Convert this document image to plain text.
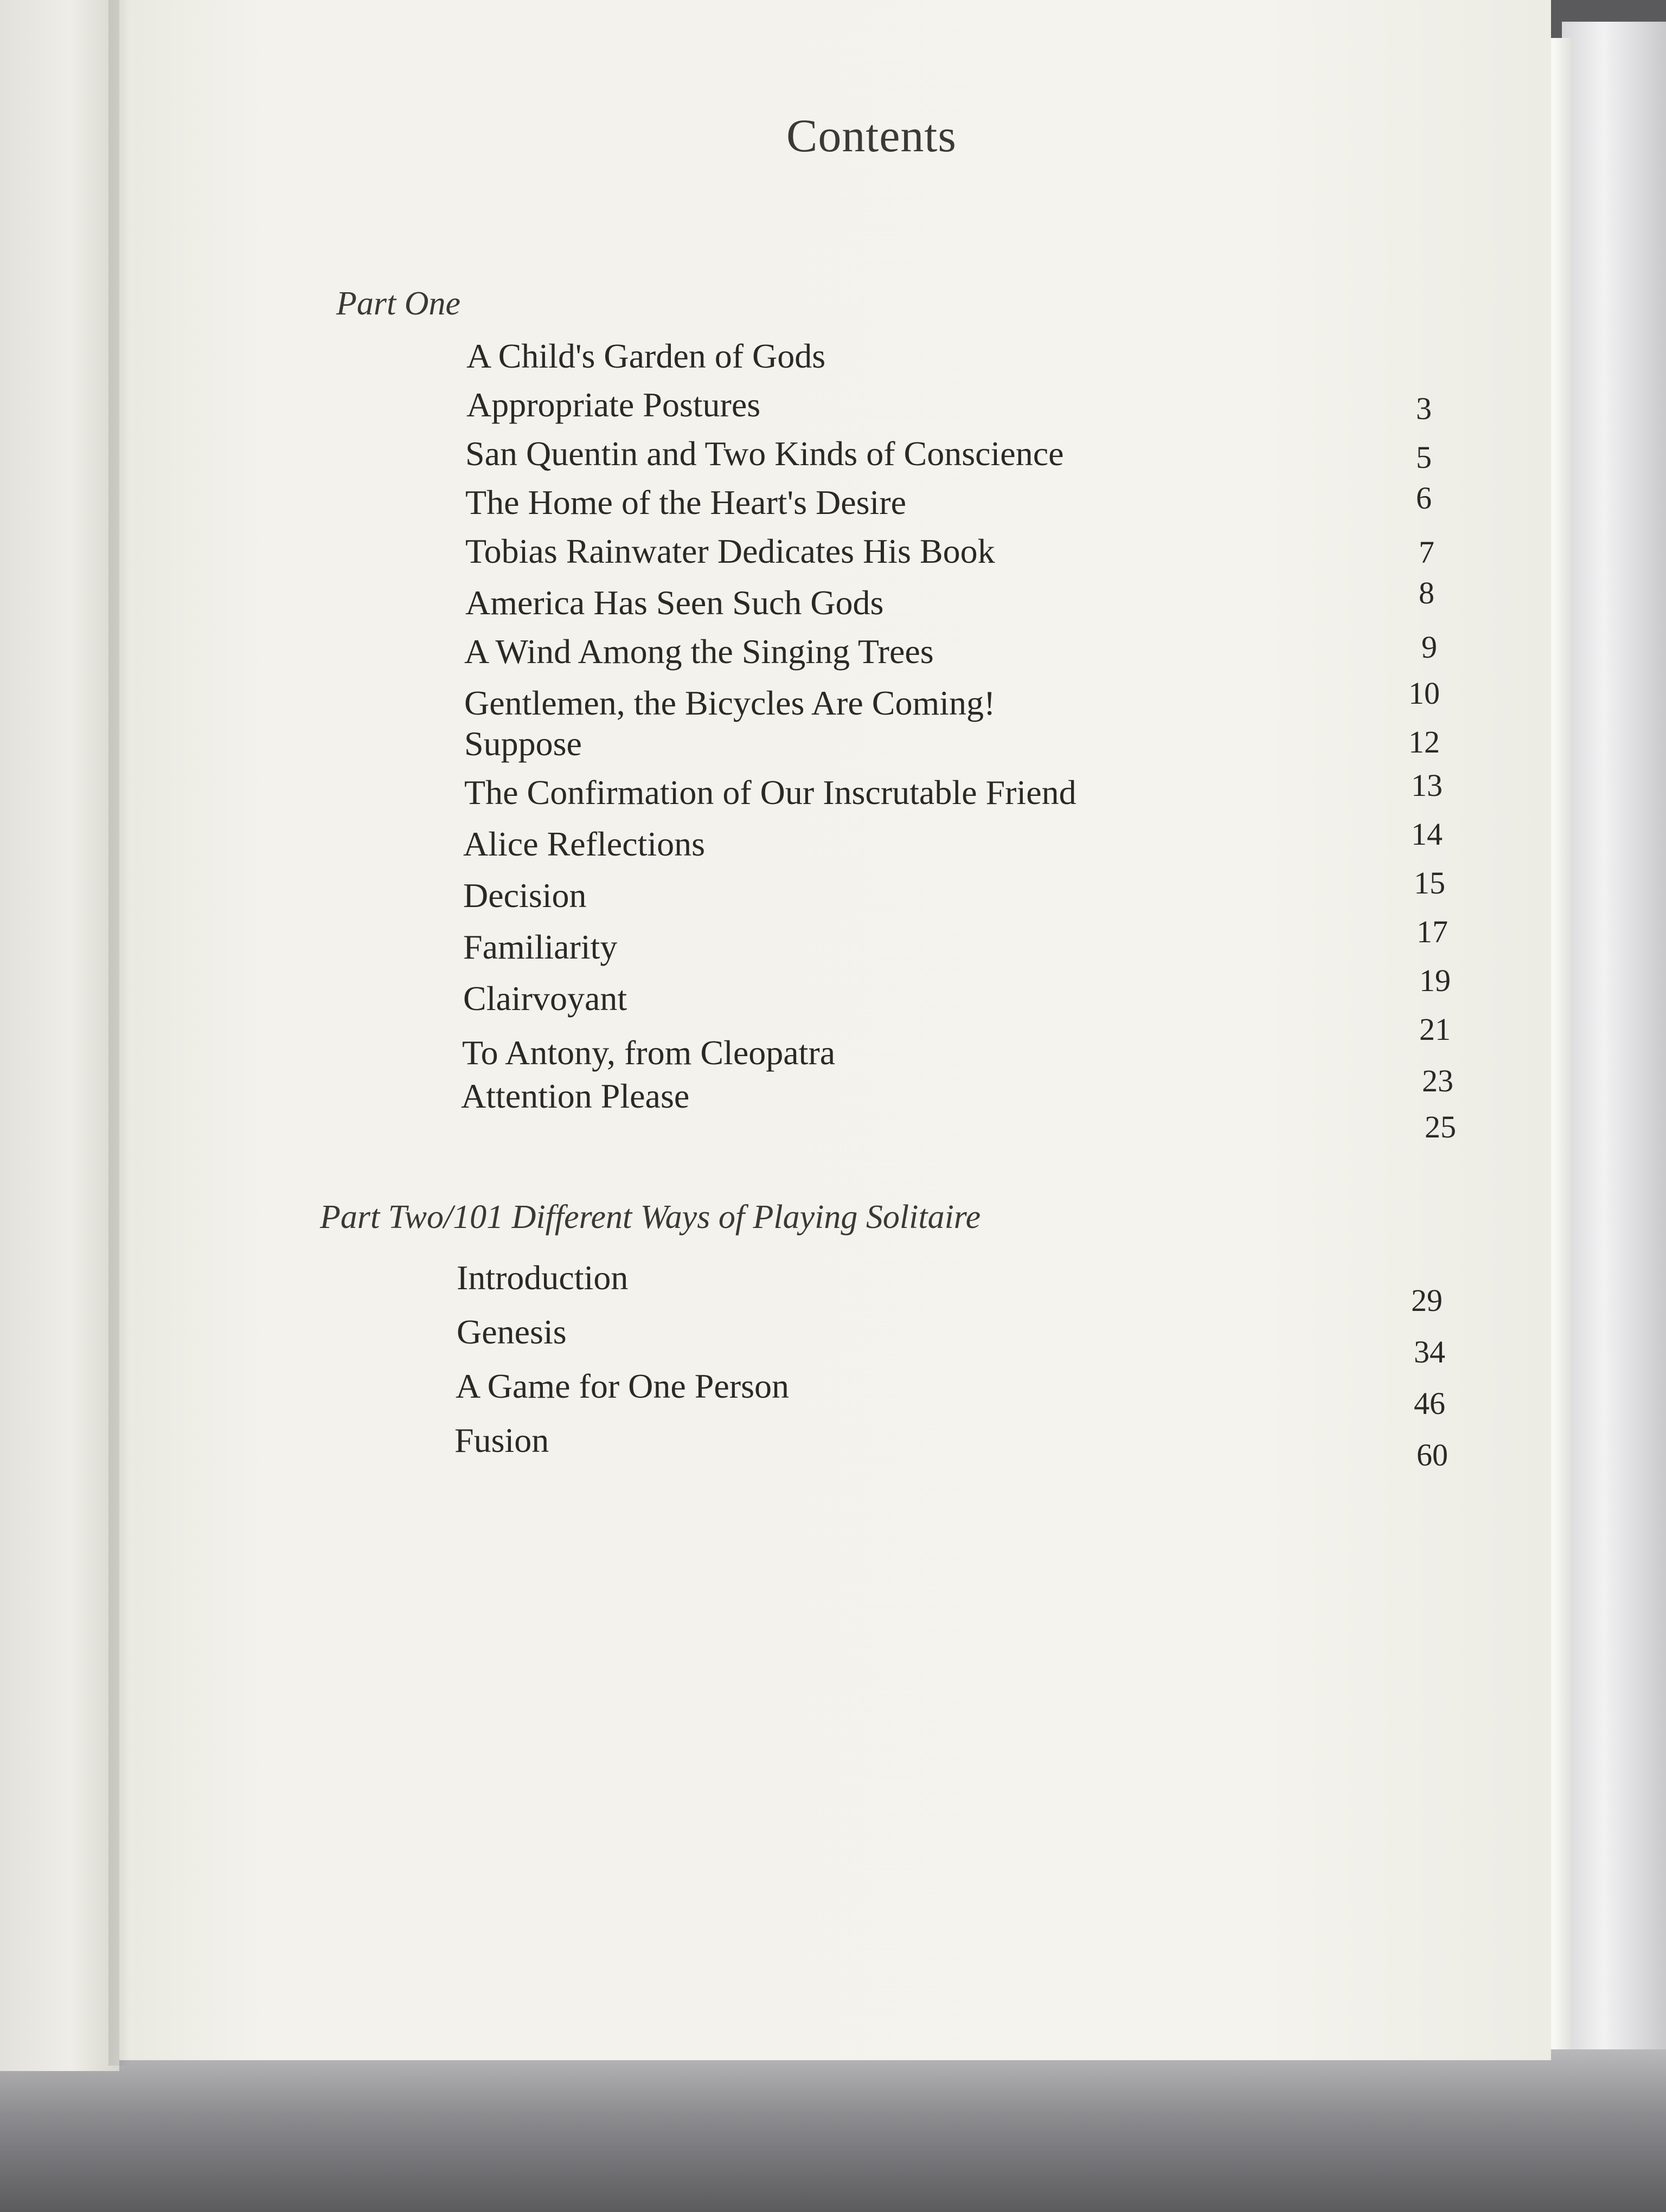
Contents
Part One
A Child's Garden of Gods
Appropriate Postures
San Quentin and Two Kinds of Conscience
The Home of the Heart's Desire
Tobias Rainwater Dedicates His Book
America Has Seen Such Gods
A Wind Among the Singing Trees
Gentlemen, the Bicycles Are Coming!
Suppose
The Confirmation of Our Inscrutable Friend
Alice Reflections
Decision
Familiarity
Clairvoyant
To Antony, from Cleopatra
Attention Please
3
5
6
7
8
9
10
12
13
14
15
17
19
21
23
25
Part Two/101 Different Ways of Playing Solitaire
Introduction
Genesis
A Game for One Person
Fusion
29
34
46
60
